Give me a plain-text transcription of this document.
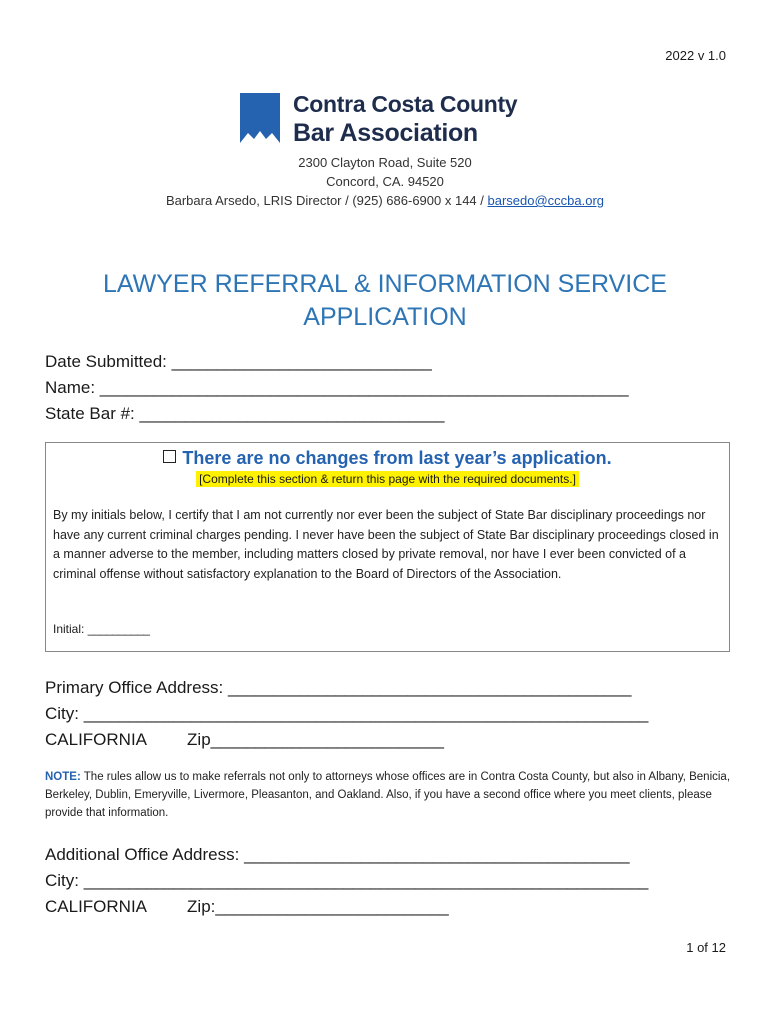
2022 v 1.0
Contra Costa County
Bar Association
2300 Clayton Road, Suite 520
Concord, CA. 94520
Barbara Arsedo, LRIS Director / (925) 686-6900 x 144 / barsedo@cccba.org
LAWYER REFERRAL & INFORMATION SERVICE
APPLICATION
Date Submitted: _____________________________
Name: ___________________________________________________________
State Bar #: __________________________________
There are no changes from last year’s application.
[Complete this section & return this page with the required documents.]
By my initials below, I certify that I am not currently nor ever been the subject of State Bar disciplinary proceedings nor have any current criminal charges pending. I never have been the subject of State Bar disciplinary proceedings closed in a manner adverse to the member, including matters closed by private removal, nor have I ever been convicted of a criminal offense without satisfactory explanation to the Board of Directors of the Association.
Initial: __________
Primary Office Address: _____________________________________________
City: _______________________________________________________________
CALIFORNIA Zip__________________________
NOTE: The rules allow us to make referrals not only to attorneys whose offices are in Contra Costa County, but also in Albany, Benicia, Berkeley, Dublin, Emeryville, Livermore, Pleasanton, and Oakland. Also, if you have a second office where you meet clients, please provide that information.
Additional Office Address: ___________________________________________
City: _______________________________________________________________
CALIFORNIA Zip:__________________________
1 of 12
